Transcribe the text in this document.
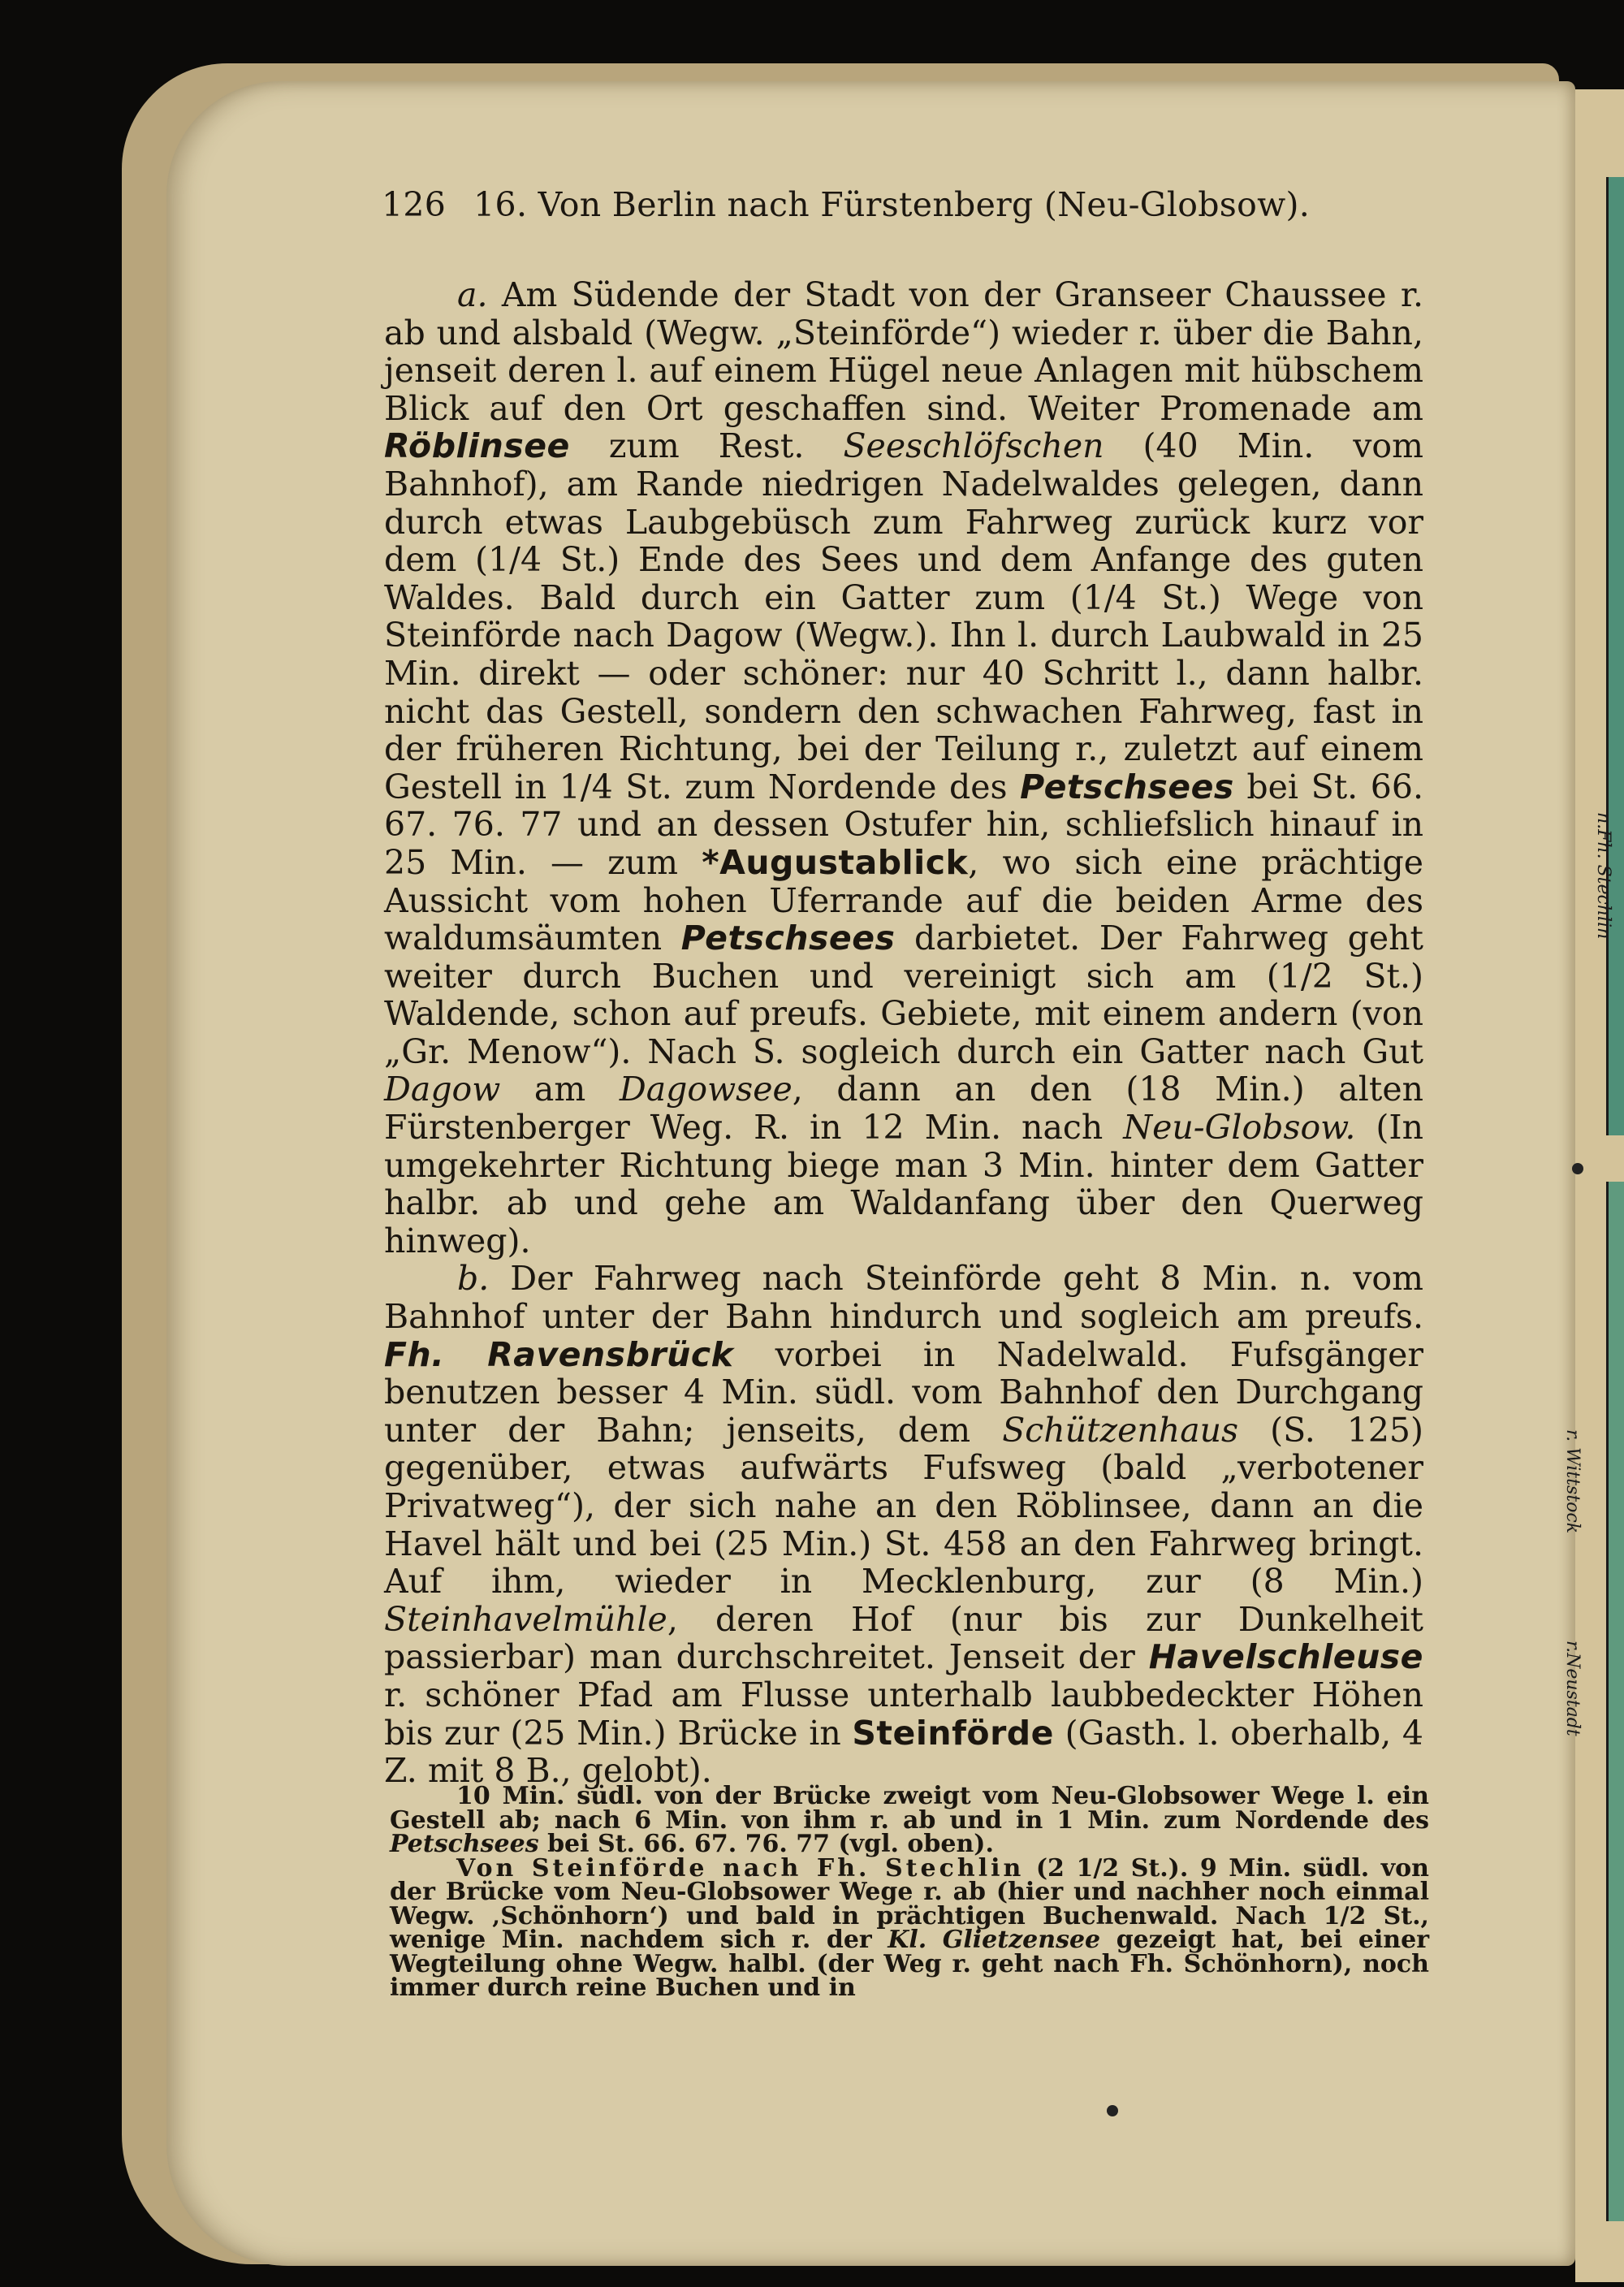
n.Fh. Stechlin
r. Wittstock
r.Neustadt
126 16. Von Berlin nach Fürstenberg (Neu-Globsow).

a. Am Südende der Stadt von der Granseer Chaussee r. ab und alsbald (Wegw. „Steinförde“) wieder r. über die Bahn, jenseit deren l. auf einem Hügel neue Anlagen mit hübschem Blick auf den Ort geschaffen sind. Weiter Promenade am Röblinsee zum Rest. Seeschlöfschen (40 Min. vom Bahnhof), am Rande niedrigen Nadelwaldes gelegen, dann durch etwas Laubgebüsch zum Fahrweg zurück kurz vor dem (1/4 St.) Ende des Sees und dem Anfange des guten Waldes. Bald durch ein Gatter zum (1/4 St.) Wege von Steinförde nach Dagow (Wegw.). Ihn l. durch Laubwald in 25 Min. direkt — oder schöner: nur 40 Schritt l., dann halbr. nicht das Gestell, sondern den schwachen Fahrweg, fast in der früheren Richtung, bei der Teilung r., zuletzt auf einem Gestell in 1/4 St. zum Nordende des Petschsees bei St. 66. 67. 76. 77 und an dessen Ostufer hin, schliefslich hinauf in 25 Min. — zum *Augustablick, wo sich eine prächtige Aussicht vom hohen Uferrande auf die beiden Arme des waldumsäumten Petschsees darbietet. Der Fahrweg geht weiter durch Buchen und vereinigt sich am (1/2 St.) Waldende, schon auf preufs. Gebiete, mit einem andern (von „Gr. Menow“). Nach S. sogleich durch ein Gatter nach Gut Dagow am Dagowsee, dann an den (18 Min.) alten Fürstenberger Weg. R. in 12 Min. nach Neu-Globsow. (In umgekehrter Richtung biege man 3 Min. hinter dem Gatter halbr. ab und gehe am Waldanfang über den Querweg hinweg).

b. Der Fahrweg nach Steinförde geht 8 Min. n. vom Bahnhof unter der Bahn hindurch und sogleich am preufs. Fh. Ravensbrück vorbei in Nadelwald. Fufsgänger benutzen besser 4 Min. südl. vom Bahnhof den Durchgang unter der Bahn; jenseits, dem Schützenhaus (S. 125) gegenüber, etwas aufwärts Fufsweg (bald „verbotener Privatweg“), der sich nahe an den Röblinsee, dann an die Havel hält und bei (25 Min.) St. 458 an den Fahrweg bringt. Auf ihm, wieder in Mecklenburg, zur (8 Min.) Steinhavelmühle, deren Hof (nur bis zur Dunkelheit passierbar) man durchschreitet. Jenseit der Havelschleuse r. schöner Pfad am Flusse unterhalb laubbedeckter Höhen bis zur (25 Min.) Brücke in Steinförde (Gasth. l. oberhalb, 4 Z. mit 8 B., gelobt).

10 Min. südl. von der Brücke zweigt vom Neu-Globsower Wege l. ein Gestell ab; nach 6 Min. von ihm r. ab und in 1 Min. zum Nordende des Petschsees bei St. 66. 67. 76. 77 (vgl. oben).

Von Steinförde nach Fh. Stechlin (2 1/2 St.). 9 Min. südl. von der Brücke vom Neu-Globsower Wege r. ab (hier und nachher noch einmal Wegw. ‚Schönhorn‘) und bald in prächtigen Buchenwald. Nach 1/2 St., wenige Min. nachdem sich r. der Kl. Glietzensee gezeigt hat, bei einer Wegteilung ohne Wegw. halbl. (der Weg r. geht nach Fh. Schönhorn), noch immer durch reine Buchen und in
